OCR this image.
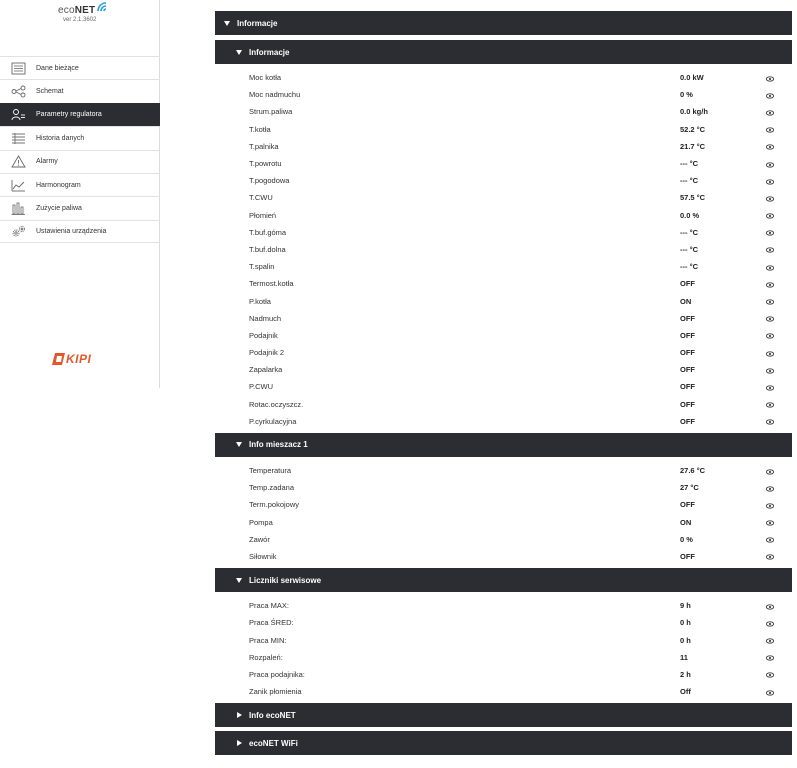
ecoNET
ver 2.1.3602
Dane bieżące
Schemat
Parametry regulatora
Historia danych
Alarmy
Harmonogram
Zużycie paliwa
Ustawienia urządzenia
KIPI
Informacje
Informacje
Moc kotła	0.0 kW
Moc nadmuchu	0 %
Strum.paliwa	0.0 kg/h
T.kotła	52.2 °C
T.palnika	21.7 °C
T.powrotu	--- °C
T.pogodowa	--- °C
T.CWU	57.5 °C
Płomień	0.0 %
T.buf.góma	--- °C
T.buf.dolna	--- °C
T.spalin	--- °C
Termost.kotła	OFF
P.kotła	ON
Nadmuch	OFF
Podajnik	OFF
Podajnik 2	OFF
Zapalarka	OFF
P.CWU	OFF
Rotac.oczyszcz.	OFF
P.cyrkulacyjna	OFF
Info mieszacz 1
Temperatura	27.6 °C
Temp.zadana	27 °C
Term.pokojowy	OFF
Pompa	ON
Zawór	0 %
Siłownik	OFF
Liczniki serwisowe
Praca MAX:	9 h
Praca ŚRED:	0 h
Praca MIN:	0 h
Rozpaleń:	11
Praca podajnika:	2 h
Zanik płomienia	Off
Info ecoNET
ecoNET WiFi
